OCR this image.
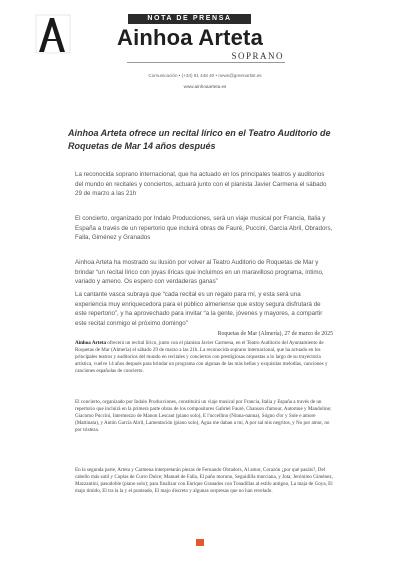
NOTA DE PRENSA
Ainhoa Arteta
SOPRANO
Comunicación • (+34) 91 448 40 • news@greenartist.es
www.ainhoaarteta.es
Ainhoa Arteta ofrece un recital lírico en el Teatro Auditorio de Roquetas de Mar 14 años después

La reconocida soprano internacional, que ha actuado en los principales teatros y auditorios del mundo en recitales y conciertos, actuará junto con el pianista Javier Carmena el sábado 29 de marzo a las 21h

El concierto, organizado por Indalo Producciones, será un viaje musical por Francia, Italia y España a través de un repertorio que incluirá obras de Fauré, Puccini, García Abril, Obradors, Falla, Giménez y Granados

Ainhoa Arteta ha mostrado su ilusión por volver al Teatro Auditorio de Roquetas de Mar y brindar “un recital lírico con joyas líricas que incluimos en un maravilloso programa, íntimo, variado y ameno. Os espero con verdaderas ganas”

La cantante vasca subraya que “cada recital es un regalo para mí, y esta será una experiencia muy enriquecedora para el público almeriense que estoy segura disfrutará de este repertorio”, y ha aprovechado para invitar “a la gente, jóvenes y mayores, a compartir este recital conmigo el próximo domingo”

Roquetas de Mar (Almería), 27 de marzo de 2025

Ainhoa Arteta ofrecerá un recital lírico, junto con el pianista Javier Carmena, en el Teatro Auditorio del Ayuntamiento de Roquetas de Mar (Almería) el sábado 29 de marzo a las 21h. La reconocida soprano internacional, que ha actuado en los principales teatros y auditorios del mundo en recitales y conciertos con prestigiosas orquestas a lo largo de su trayectoria artística, vuelve 14 años después para brindar un programa con algunas de las más bellas y exquisitas melodías, canciones y canciones españolas de concierto.

El concierto, organizado por Indalo Producciones, constituirá un viaje musical por Francia, Italia y España a través de un repertorio que incluirá en la primera parte obras de los compositores Gabriel Fauré, Chanson d'amour, Automne y Mandoline; Giacomo Puccini, Intermezzo de Manon Lescaut (piano solo), E l'uccellino (Ninna-nanna), Sógno d'or y Sole e amore (Mattinata), y Antón García Abril, Lamentación (piano solo), Agua me daban a mí, A por sal mis negritos, y No por amor, no por tristeza.

En la segunda parte, Arteta y Carmena interpretarán piezas de Fernando Obradors, Al amor, Corazón ¿por qué pasáis?, Del cabello más sutil y Coplas de Curro Dulce; Manuel de Falla, El paño moruno, Seguidilla murciana, y Jota; Jerónimo Giménez, Mazzantini, pasodoble (piano solo); para finalizar con Enrique Granados con Tonadillas al estilo antiguo, La maja de Goya, El majo tímido, El tra la la y el punteado, El majo discreto y algunas sorpresas que no han revelado.
